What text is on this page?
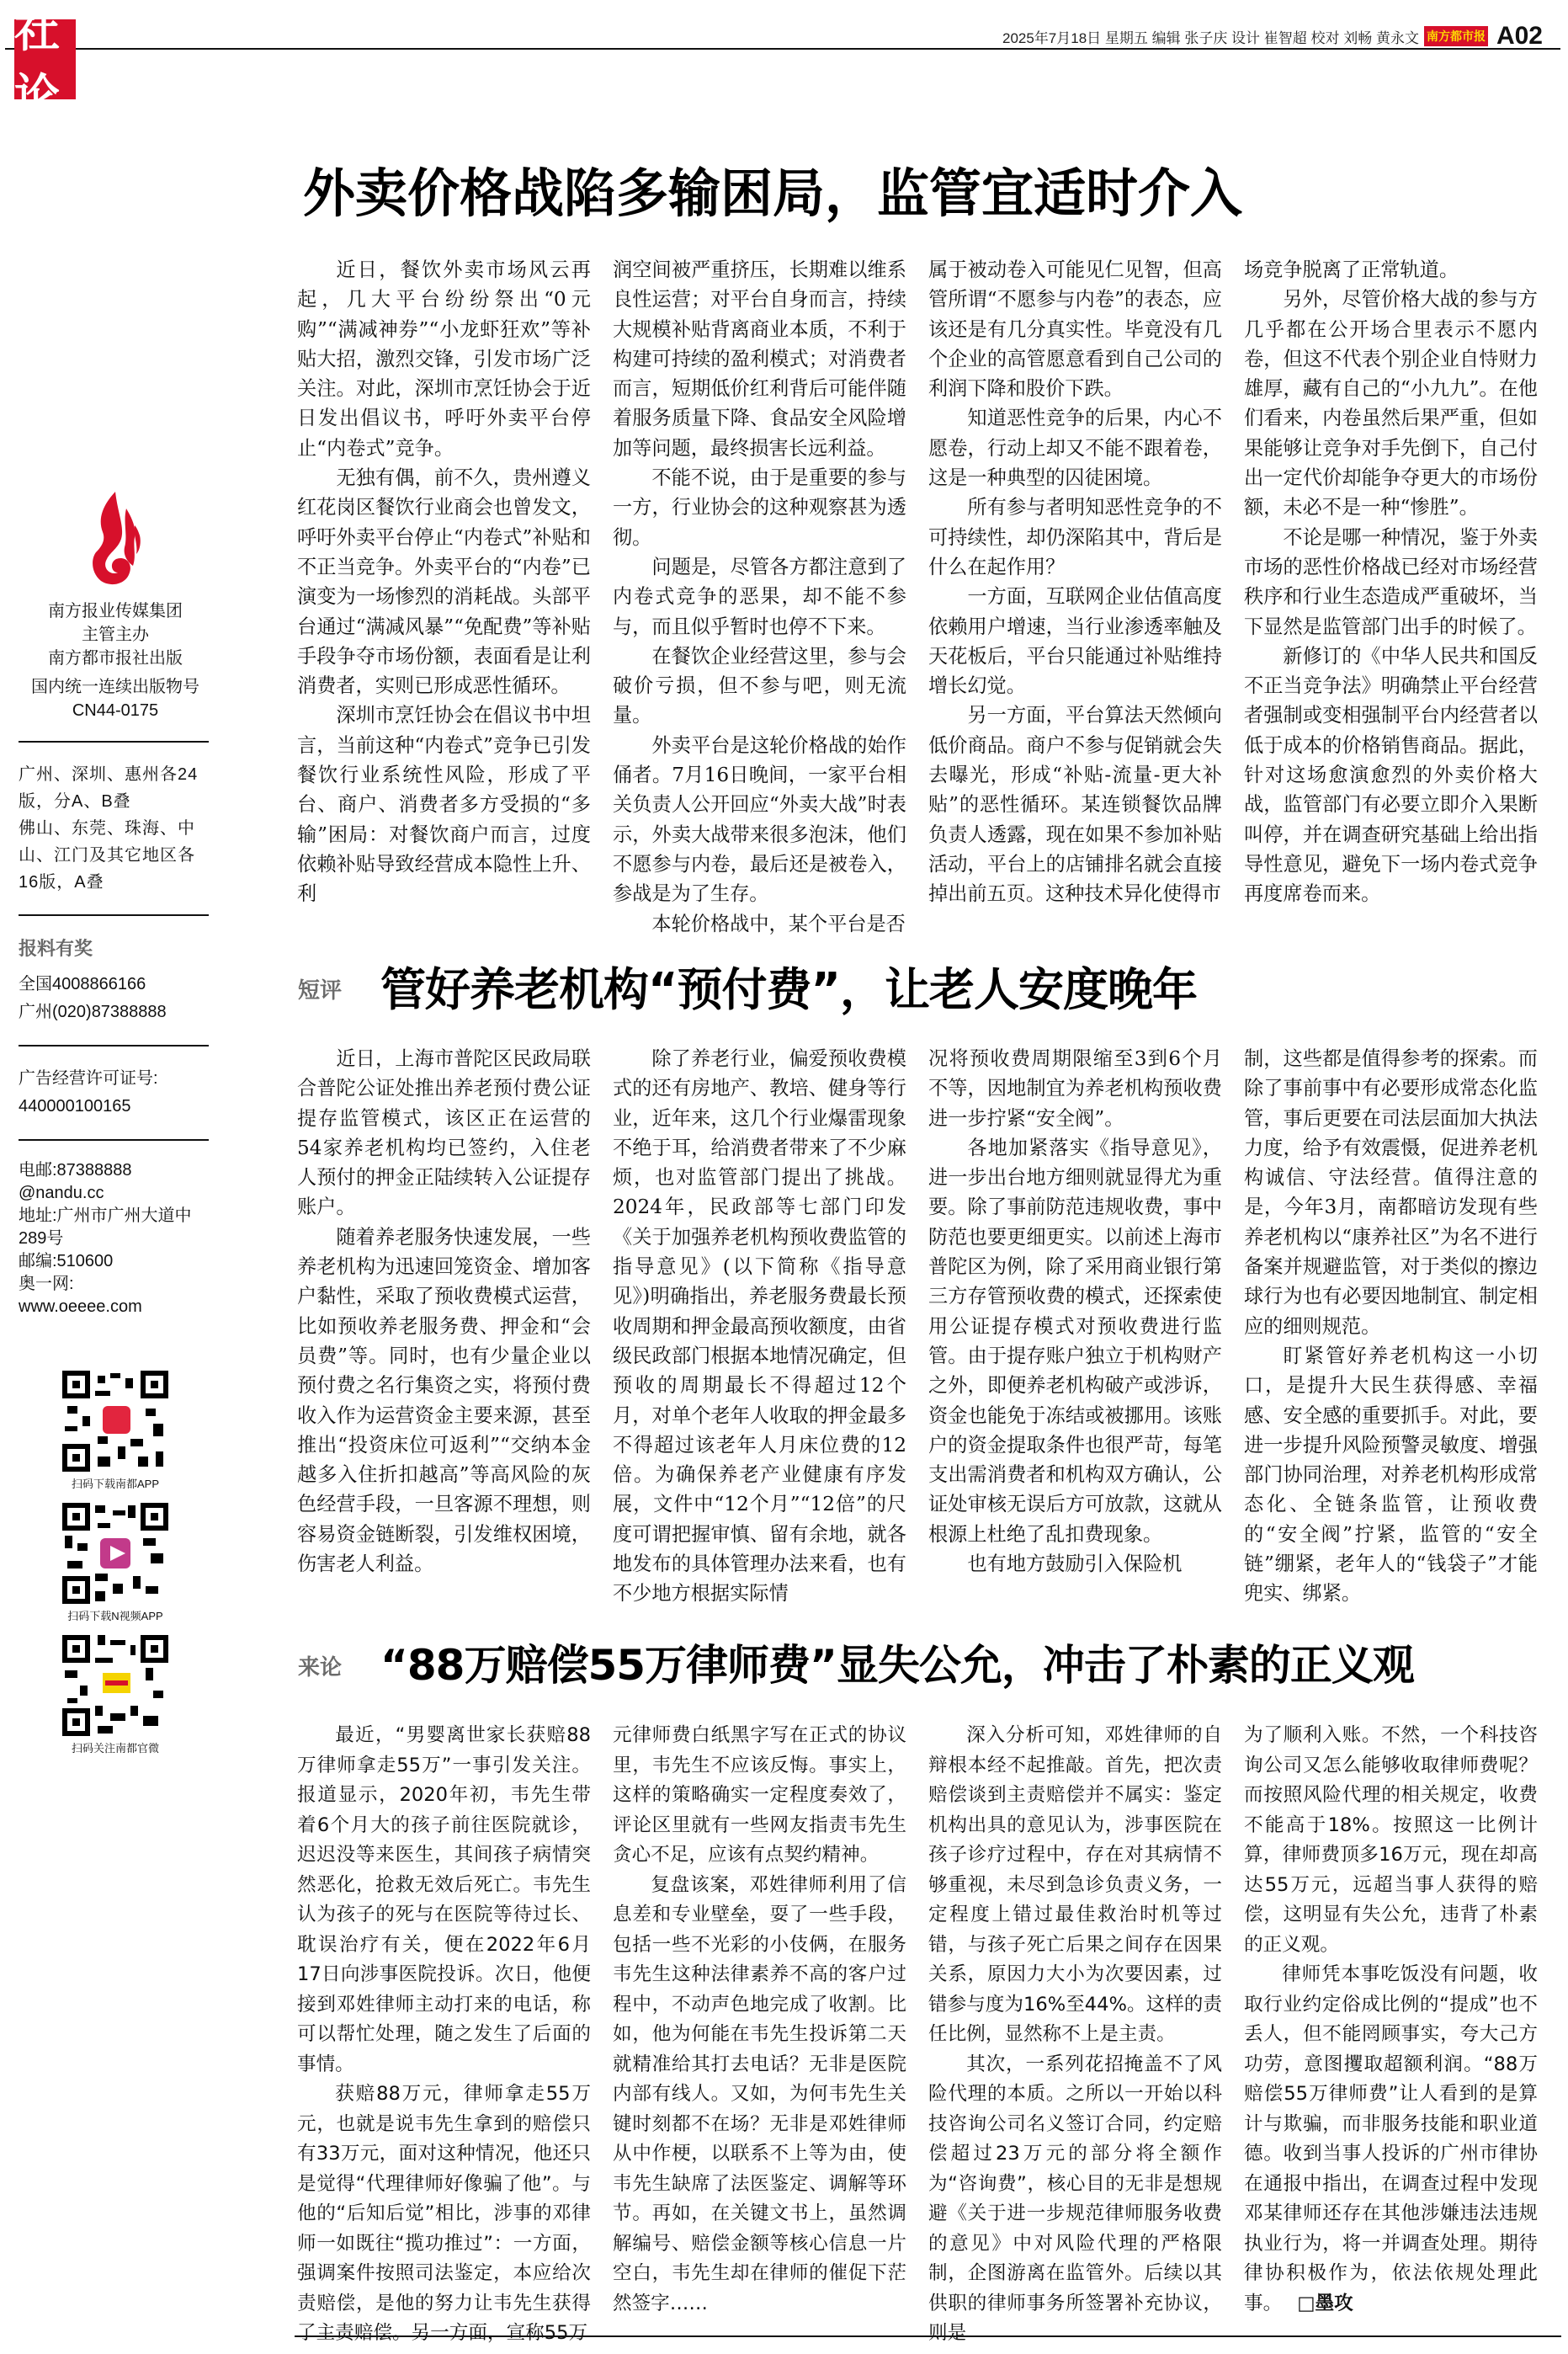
社论
2025年7月18日 星期五 编辑 张子庆 设计 崔智超 校对 刘畅 黄永文 南方都市报 A02
南方报业传媒集团
主管主办
南方都市报社出版
国内统一连续出版物号
CN44-0175
广州、深圳、惠州各24版，分A、B叠
佛山、东莞、珠海、中山、江门及其它地区各16版，A叠
报料有奖
全国4008866166
广州(020)87388888
广告经营许可证号:
440000100165
电邮:87388888
@nandu.cc
地址:广州市广州大道中
289号
邮编:510600
奥一网:
www.oeeee.com
扫码下载南都APP
扫码下载N视频APP
扫码关注南都官微
外卖价格战陷多输困局，监管宜适时介入

近日，餐饮外卖市场风云再起，几大平台纷纷祭出“0元购”“满减神券”“小龙虾狂欢”等补贴大招，激烈交锋，引发市场广泛关注。对此，深圳市烹饪协会于近日发出倡议书，呼吁外卖平台停止“内卷式”竞争。

无独有偶，前不久，贵州遵义红花岗区餐饮行业商会也曾发文，呼吁外卖平台停止“内卷式”补贴和不正当竞争。外卖平台的“内卷”已演变为一场惨烈的消耗战。头部平台通过“满减风暴”“免配费”等补贴手段争夺市场份额，表面看是让利消费者，实则已形成恶性循环。

深圳市烹饪协会在倡议书中坦言，当前这种“内卷式”竞争已引发餐饮行业系统性风险，形成了平台、商户、消费者多方受损的“多输”困局：对餐饮商户而言，过度依赖补贴导致经营成本隐性上升、利

润空间被严重挤压，长期难以维系良性运营；对平台自身而言，持续大规模补贴背离商业本质，不利于构建可持续的盈利模式；对消费者而言，短期低价红利背后可能伴随着服务质量下降、食品安全风险增加等问题，最终损害长远利益。

不能不说，由于是重要的参与一方，行业协会的这种观察甚为透彻。

问题是，尽管各方都注意到了内卷式竞争的恶果，却不能不参与，而且似乎暂时也停不下来。

在餐饮企业经营这里，参与会破价亏损，但不参与吧，则无流量。

外卖平台是这轮价格战的始作俑者。7月16日晚间，一家平台相关负责人公开回应“外卖大战”时表示，外卖大战带来很多泡沫，他们不愿参与内卷，最后还是被卷入，参战是为了生存。

本轮价格战中，某个平台是否

属于被动卷入可能见仁见智，但高管所谓“不愿参与内卷”的表态，应该还是有几分真实性。毕竟没有几个企业的高管愿意看到自己公司的利润下降和股价下跌。

知道恶性竞争的后果，内心不愿卷，行动上却又不能不跟着卷，这是一种典型的囚徒困境。

所有参与者明知恶性竞争的不可持续性，却仍深陷其中，背后是什么在起作用？

一方面，互联网企业估值高度依赖用户增速，当行业渗透率触及天花板后，平台只能通过补贴维持增长幻觉。

另一方面，平台算法天然倾向低价商品。商户不参与促销就会失去曝光，形成“补贴-流量-更大补贴”的恶性循环。某连锁餐饮品牌负责人透露，现在如果不参加补贴活动，平台上的店铺排名就会直接掉出前五页。这种技术异化使得市

场竞争脱离了正常轨道。

另外，尽管价格大战的参与方几乎都在公开场合里表示不愿内卷，但这不代表个别企业自恃财力雄厚，藏有自己的“小九九”。在他们看来，内卷虽然后果严重，但如果能够让竞争对手先倒下，自己付出一定代价却能争夺更大的市场份额，未必不是一种“惨胜”。

不论是哪一种情况，鉴于外卖市场的恶性价格战已经对市场经营秩序和行业生态造成严重破坏，当下显然是监管部门出手的时候了。

新修订的《中华人民共和国反不正当竞争法》明确禁止平台经营者强制或变相强制平台内经营者以低于成本的价格销售商品。据此，针对这场愈演愈烈的外卖价格大战，监管部门有必要立即介入果断叫停，并在调查研究基础上给出指导性意见，避免下一场内卷式竞争再度席卷而来。

短评 管好养老机构“预付费”，让老人安度晚年

近日，上海市普陀区民政局联合普陀公证处推出养老预付费公证提存监管模式，该区正在运营的54家养老机构均已签约，入住老人预付的押金正陆续转入公证提存账户。

随着养老服务快速发展，一些养老机构为迅速回笼资金、增加客户黏性，采取了预收费模式运营，比如预收养老服务费、押金和“会员费”等。同时，也有少量企业以预付费之名行集资之实，将预付费收入作为运营资金主要来源，甚至推出“投资床位可返利”“交纳本金越多入住折扣越高”等高风险的灰色经营手段，一旦客源不理想，则容易资金链断裂，引发维权困境，伤害老人利益。

除了养老行业，偏爱预收费模式的还有房地产、教培、健身等行业，近年来，这几个行业爆雷现象不绝于耳，给消费者带来了不少麻烦，也对监管部门提出了挑战。2024年，民政部等七部门印发《关于加强养老机构预收费监管的指导意见》(以下简称《指导意见》)明确指出，养老服务费最长预收周期和押金最高预收额度，由省级民政部门根据本地情况确定，但预收的周期最长不得超过12个月，对单个老年人收取的押金最多不得超过该老年人月床位费的12倍。为确保养老产业健康有序发展，文件中“12个月”“12倍”的尺度可谓把握审慎、留有余地，就各地发布的具体管理办法来看，也有不少地方根据实际情

况将预收费周期限缩至3到6个月不等，因地制宜为养老机构预收费进一步拧紧“安全阀”。

各地加紧落实《指导意见》，进一步出台地方细则就显得尤为重要。除了事前防范违规收费，事中防范也要更细更实。以前述上海市普陀区为例，除了采用商业银行第三方存管预收费的模式，还探索使用公证提存模式对预收费进行监管。由于提存账户独立于机构财产之外，即便养老机构破产或涉诉，资金也能免于冻结或被挪用。该账户的资金提取条件也很严苛，每笔支出需消费者和机构双方确认，公证处审核无误后方可放款，这就从根源上杜绝了乱扣费现象。

也有地方鼓励引入保险机

制，这些都是值得参考的探索。而除了事前事中有必要形成常态化监管，事后更要在司法层面加大执法力度，给予有效震慑，促进养老机构诚信、守法经营。值得注意的是，今年3月，南都暗访发现有些养老机构以“康养社区”为名不进行备案并规避监管，对于类似的擦边球行为也有必要因地制宜、制定相应的细则规范。

盯紧管好养老机构这一小切口，是提升大民生获得感、幸福感、安全感的重要抓手。对此，要进一步提升风险预警灵敏度、增强部门协同治理，对养老机构形成常态化、全链条监管，让预收费的“安全阀”拧紧，监管的“安全链”绷紧，老年人的“钱袋子”才能兜实、绑紧。

来论 “88万赔偿55万律师费”显失公允，冲击了朴素的正义观

最近，“男婴离世家长获赔88万律师拿走55万”一事引发关注。报道显示，2020年初，韦先生带着6个月大的孩子前往医院就诊，迟迟没等来医生，其间孩子病情突然恶化，抢救无效后死亡。韦先生认为孩子的死与在医院等待过长、耽误治疗有关，便在2022年6月17日向涉事医院投诉。次日，他便接到邓姓律师主动打来的电话，称可以帮忙处理，随之发生了后面的事情。

获赔88万元，律师拿走55万元，也就是说韦先生拿到的赔偿只有33万元，面对这种情况，他还只是觉得“代理律师好像骗了他”。与他的“后知后觉”相比，涉事的邓律师一如既往“揽功推过”：一方面，强调案件按照司法鉴定，本应给次责赔偿，是他的努力让韦先生获得了主责赔偿。另一方面，宣称55万

元律师费白纸黑字写在正式的协议里，韦先生不应该反悔。事实上，这样的策略确实一定程度奏效了，评论区里就有一些网友指责韦先生贪心不足，应该有点契约精神。

复盘该案，邓姓律师利用了信息差和专业壁垒，耍了一些手段，包括一些不光彩的小伎俩，在服务韦先生这种法律素养不高的客户过程中，不动声色地完成了收割。比如，他为何能在韦先生投诉第二天就精准给其打去电话？无非是医院内部有线人。又如，为何韦先生关键时刻都不在场？无非是邓姓律师从中作梗，以联系不上等为由，使韦先生缺席了法医鉴定、调解等环节。再如，在关键文书上，虽然调解编号、赔偿金额等核心信息一片空白，韦先生却在律师的催促下茫然签字……

深入分析可知，邓姓律师的自辩根本经不起推敲。首先，把次责赔偿谈到主责赔偿并不属实：鉴定机构出具的意见认为，涉事医院在孩子诊疗过程中，存在对其病情不够重视，未尽到急诊负责义务，一定程度上错过最佳救治时机等过错，与孩子死亡后果之间存在因果关系，原因力大小为次要因素，过错参与度为16%至44%。这样的责任比例，显然称不上是主责。

其次，一系列花招掩盖不了风险代理的本质。之所以一开始以科技咨询公司名义签订合同，约定赔偿超过23万元的部分将全额作为“咨询费”，核心目的无非是想规避《关于进一步规范律师服务收费的意见》中对风险代理的严格限制，企图游离在监管外。后续以其供职的律师事务所签署补充协议，则是

为了顺利入账。不然，一个科技咨询公司又怎么能够收取律师费呢？而按照风险代理的相关规定，收费不能高于18%。按照这一比例计算，律师费顶多16万元，现在却高达55万元，远超当事人获得的赔偿，这明显有失公允，违背了朴素的正义观。

律师凭本事吃饭没有问题，收取行业约定俗成比例的“提成”也不丢人，但不能罔顾事实，夸大己方功劳，意图攫取超额利润。“88万赔偿55万律师费”让人看到的是算计与欺骗，而非服务技能和职业道德。收到当事人投诉的广州市律协在通报中指出，在调查过程中发现邓某律师还存在其他涉嫌违法违规执业行为，将一并调查处理。期待律协积极作为，依法依规处理此事。 □墨攻
